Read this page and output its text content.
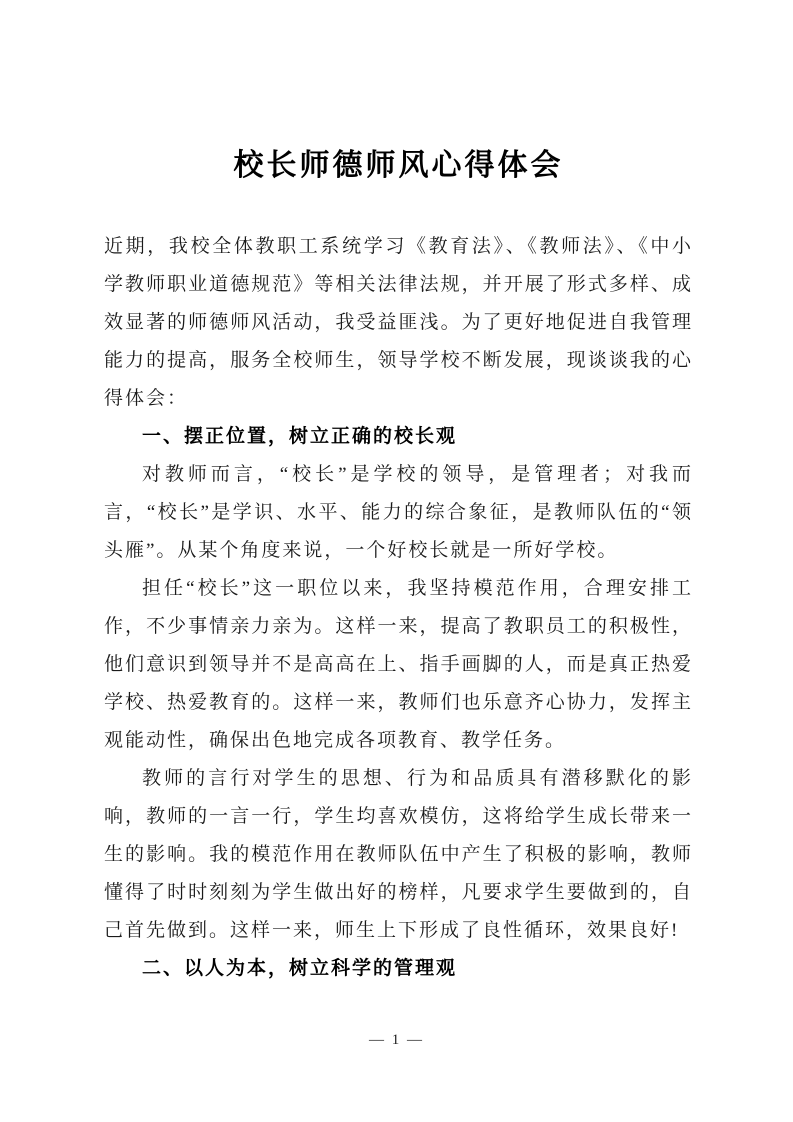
校长师德师风心得体会

近期，我校全体教职工系统学习《教育法》、《教师法》、《中小学教师职业道德规范》等相关法律法规，并开展了形式多样、成效显著的师德师风活动，我受益匪浅。为了更好地促进自我管理能力的提高，服务全校师生，领导学校不断发展，现谈谈我的心得体会：

一、摆正位置，树立正确的校长观

对教师而言，“校长”是学校的领导，是管理者；对我而言，“校长”是学识、水平、能力的综合象征，是教师队伍的“领头雁”。从某个角度来说，一个好校长就是一所好学校。

担任“校长”这一职位以来，我坚持模范作用，合理安排工作，不少事情亲力亲为。这样一来，提高了教职员工的积极性，他们意识到领导并不是高高在上、指手画脚的人，而是真正热爱学校、热爱教育的。这样一来，教师们也乐意齐心协力，发挥主观能动性，确保出色地完成各项教育、教学任务。

教师的言行对学生的思想、行为和品质具有潜移默化的影响，教师的一言一行，学生均喜欢模仿，这将给学生成长带来一生的影响。我的模范作用在教师队伍中产生了积极的影响，教师懂得了时时刻刻为学生做出好的榜样，凡要求学生要做到的，自己首先做到。这样一来，师生上下形成了良性循环，效果良好!

二、以人为本，树立科学的管理观

— 1 —
